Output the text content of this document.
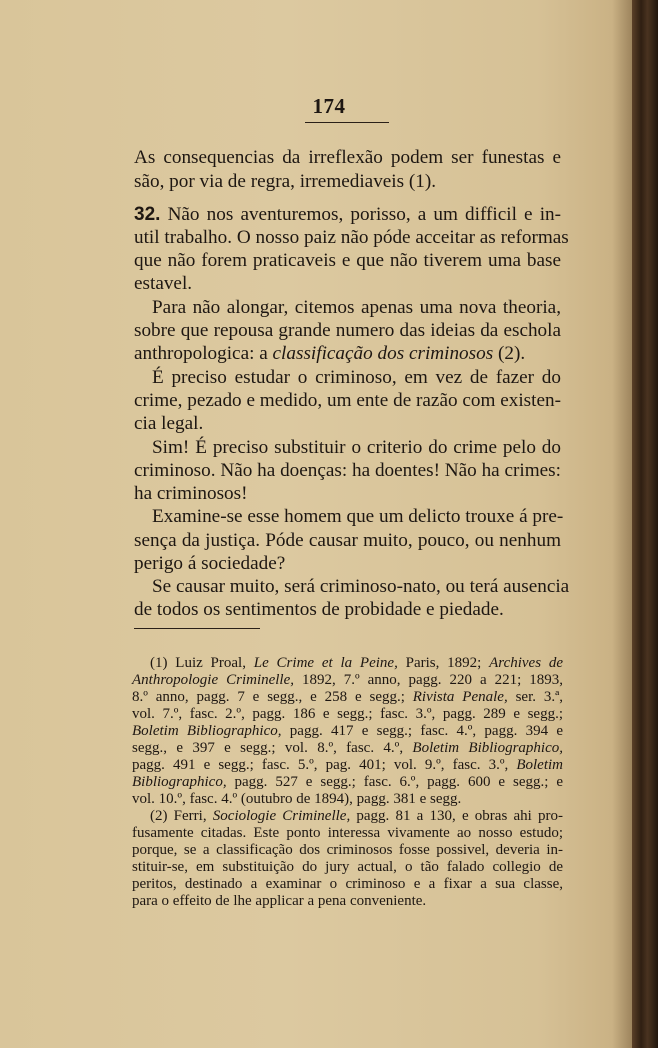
174
As consequencias da irreflexão podem ser funestas e
são, por via de regra, irremediaveis (1).
32. Não nos aventuremos, porisso, a um difficil e in-
util trabalho. O nosso paiz não póde acceitar as reformas
que não forem praticaveis e que não tiverem uma base
estavel.
Para não alongar, citemos apenas uma nova theoria,
sobre que repousa grande numero das ideias da eschola
anthropologica: a classificação dos criminosos (2).
É preciso estudar o criminoso, em vez de fazer do
crime, pezado e medido, um ente de razão com existen-
cia legal.
Sim! É preciso substituir o criterio do crime pelo do
criminoso. Não ha doenças: ha doentes! Não ha crimes:
ha criminosos!
Examine-se esse homem que um delicto trouxe á pre-
sença da justiça. Póde causar muito, pouco, ou nenhum
perigo á sociedade?
Se causar muito, será criminoso-nato, ou terá ausencia
de todos os sentimentos de probidade e piedade.
(1) Luiz Proal, Le Crime et la Peine, Paris, 1892; Archives de
Anthropologie Criminelle, 1892, 7.º anno, pagg. 220 a 221; 1893,
8.º anno, pagg. 7 e segg., e 258 e segg.; Rivista Penale, ser. 3.ª,
vol. 7.º, fasc. 2.º, pagg. 186 e segg.; fasc. 3.º, pagg. 289 e segg.;
Boletim Bibliographico, pagg. 417 e segg.; fasc. 4.º, pagg. 394 e
segg., e 397 e segg.; vol. 8.º, fasc. 4.º, Boletim Bibliographico,
pagg. 491 e segg.; fasc. 5.º, pag. 401; vol. 9.º, fasc. 3.º, Boletim
Bibliographico, pagg. 527 e segg.; fasc. 6.º, pagg. 600 e segg.; e
vol. 10.º, fasc. 4.º (outubro de 1894), pagg. 381 e segg.
(2) Ferri, Sociologie Criminelle, pagg. 81 a 130, e obras ahi pro-
fusamente citadas. Este ponto interessa vivamente ao nosso estudo;
porque, se a classificação dos criminosos fosse possivel, deveria in-
stituir-se, em substituição do jury actual, o tão falado collegio de
peritos, destinado a examinar o criminoso e a fixar a sua classe,
para o effeito de lhe applicar a pena conveniente.
